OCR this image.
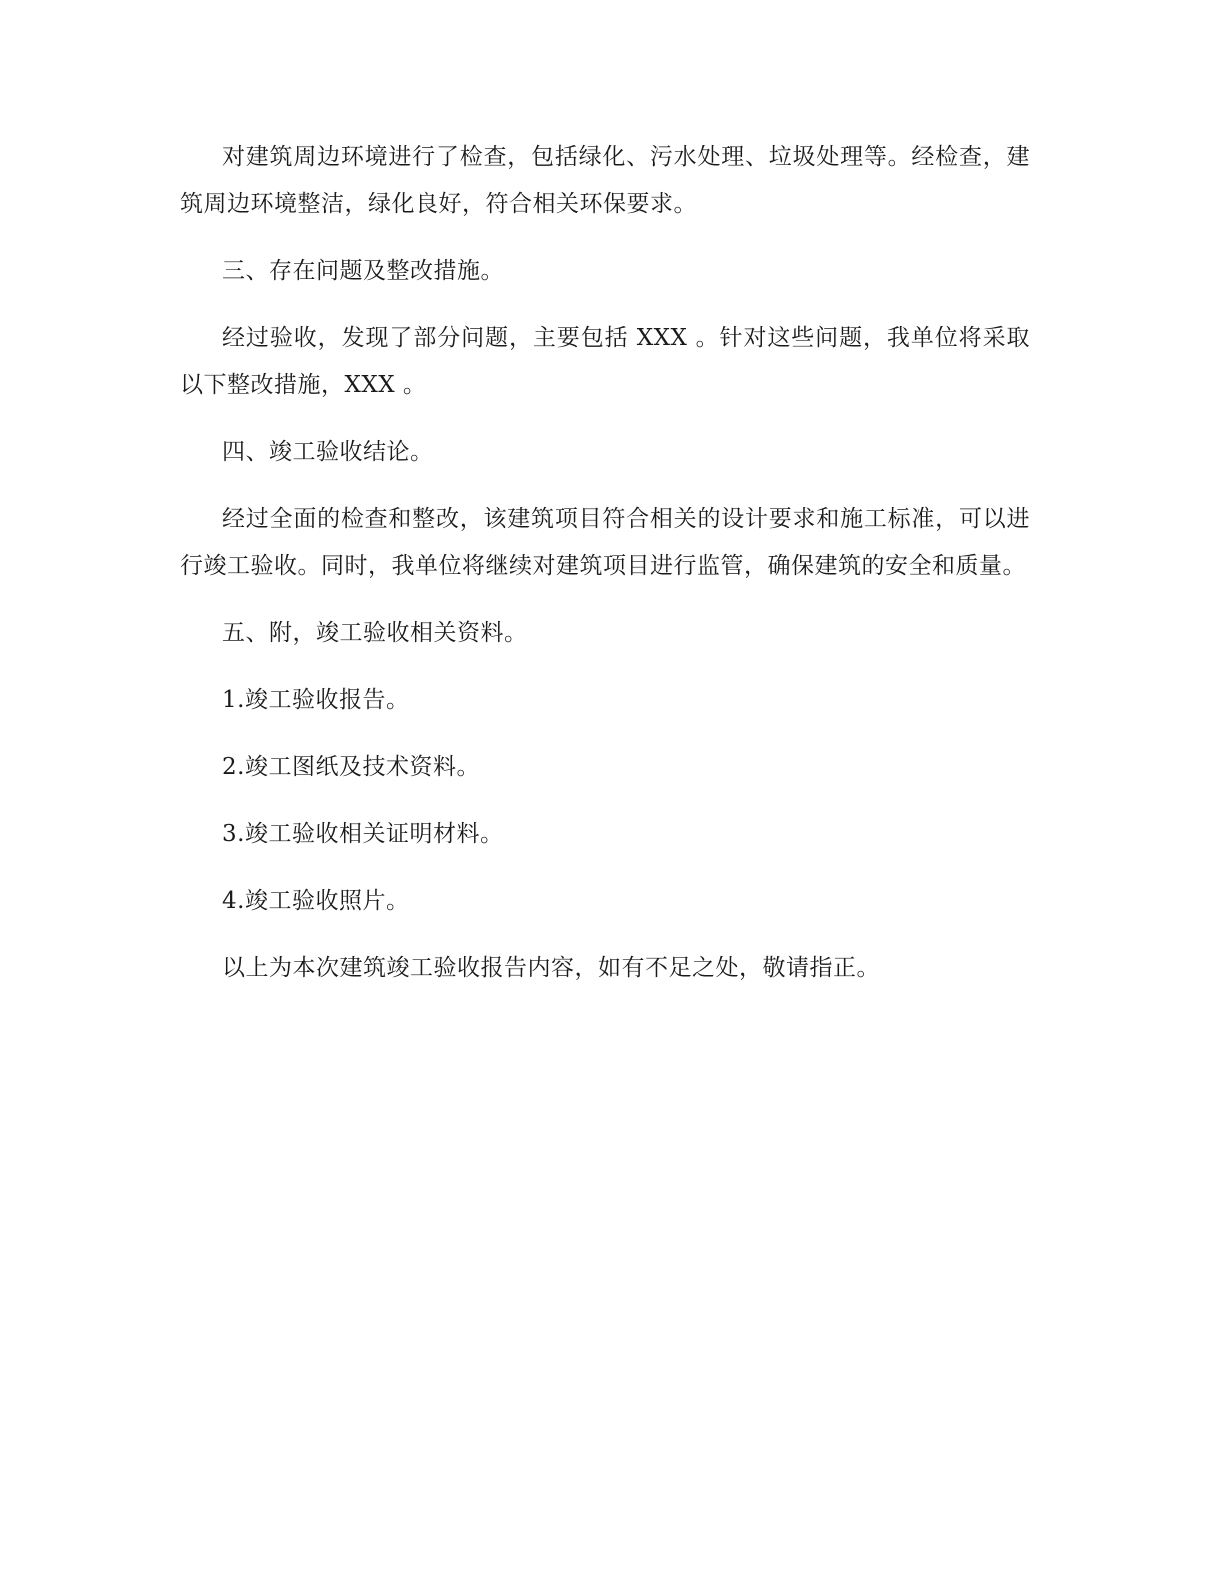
对建筑周边环境进行了检查，包括绿化、污水处理、垃圾处理等。经检查，建筑周边环境整洁，绿化良好，符合相关环保要求。

三、存在问题及整改措施。

经过验收，发现了部分问题，主要包括 XXX 。针对这些问题，我单位将采取以下整改措施，XXX 。

四、竣工验收结论。

经过全面的检查和整改，该建筑项目符合相关的设计要求和施工标准，可以进行竣工验收。同时，我单位将继续对建筑项目进行监管，确保建筑的安全和质量。

五、附，竣工验收相关资料。

1.竣工验收报告。

2.竣工图纸及技术资料。

3.竣工验收相关证明材料。

4.竣工验收照片。

以上为本次建筑竣工验收报告内容，如有不足之处，敬请指正。
